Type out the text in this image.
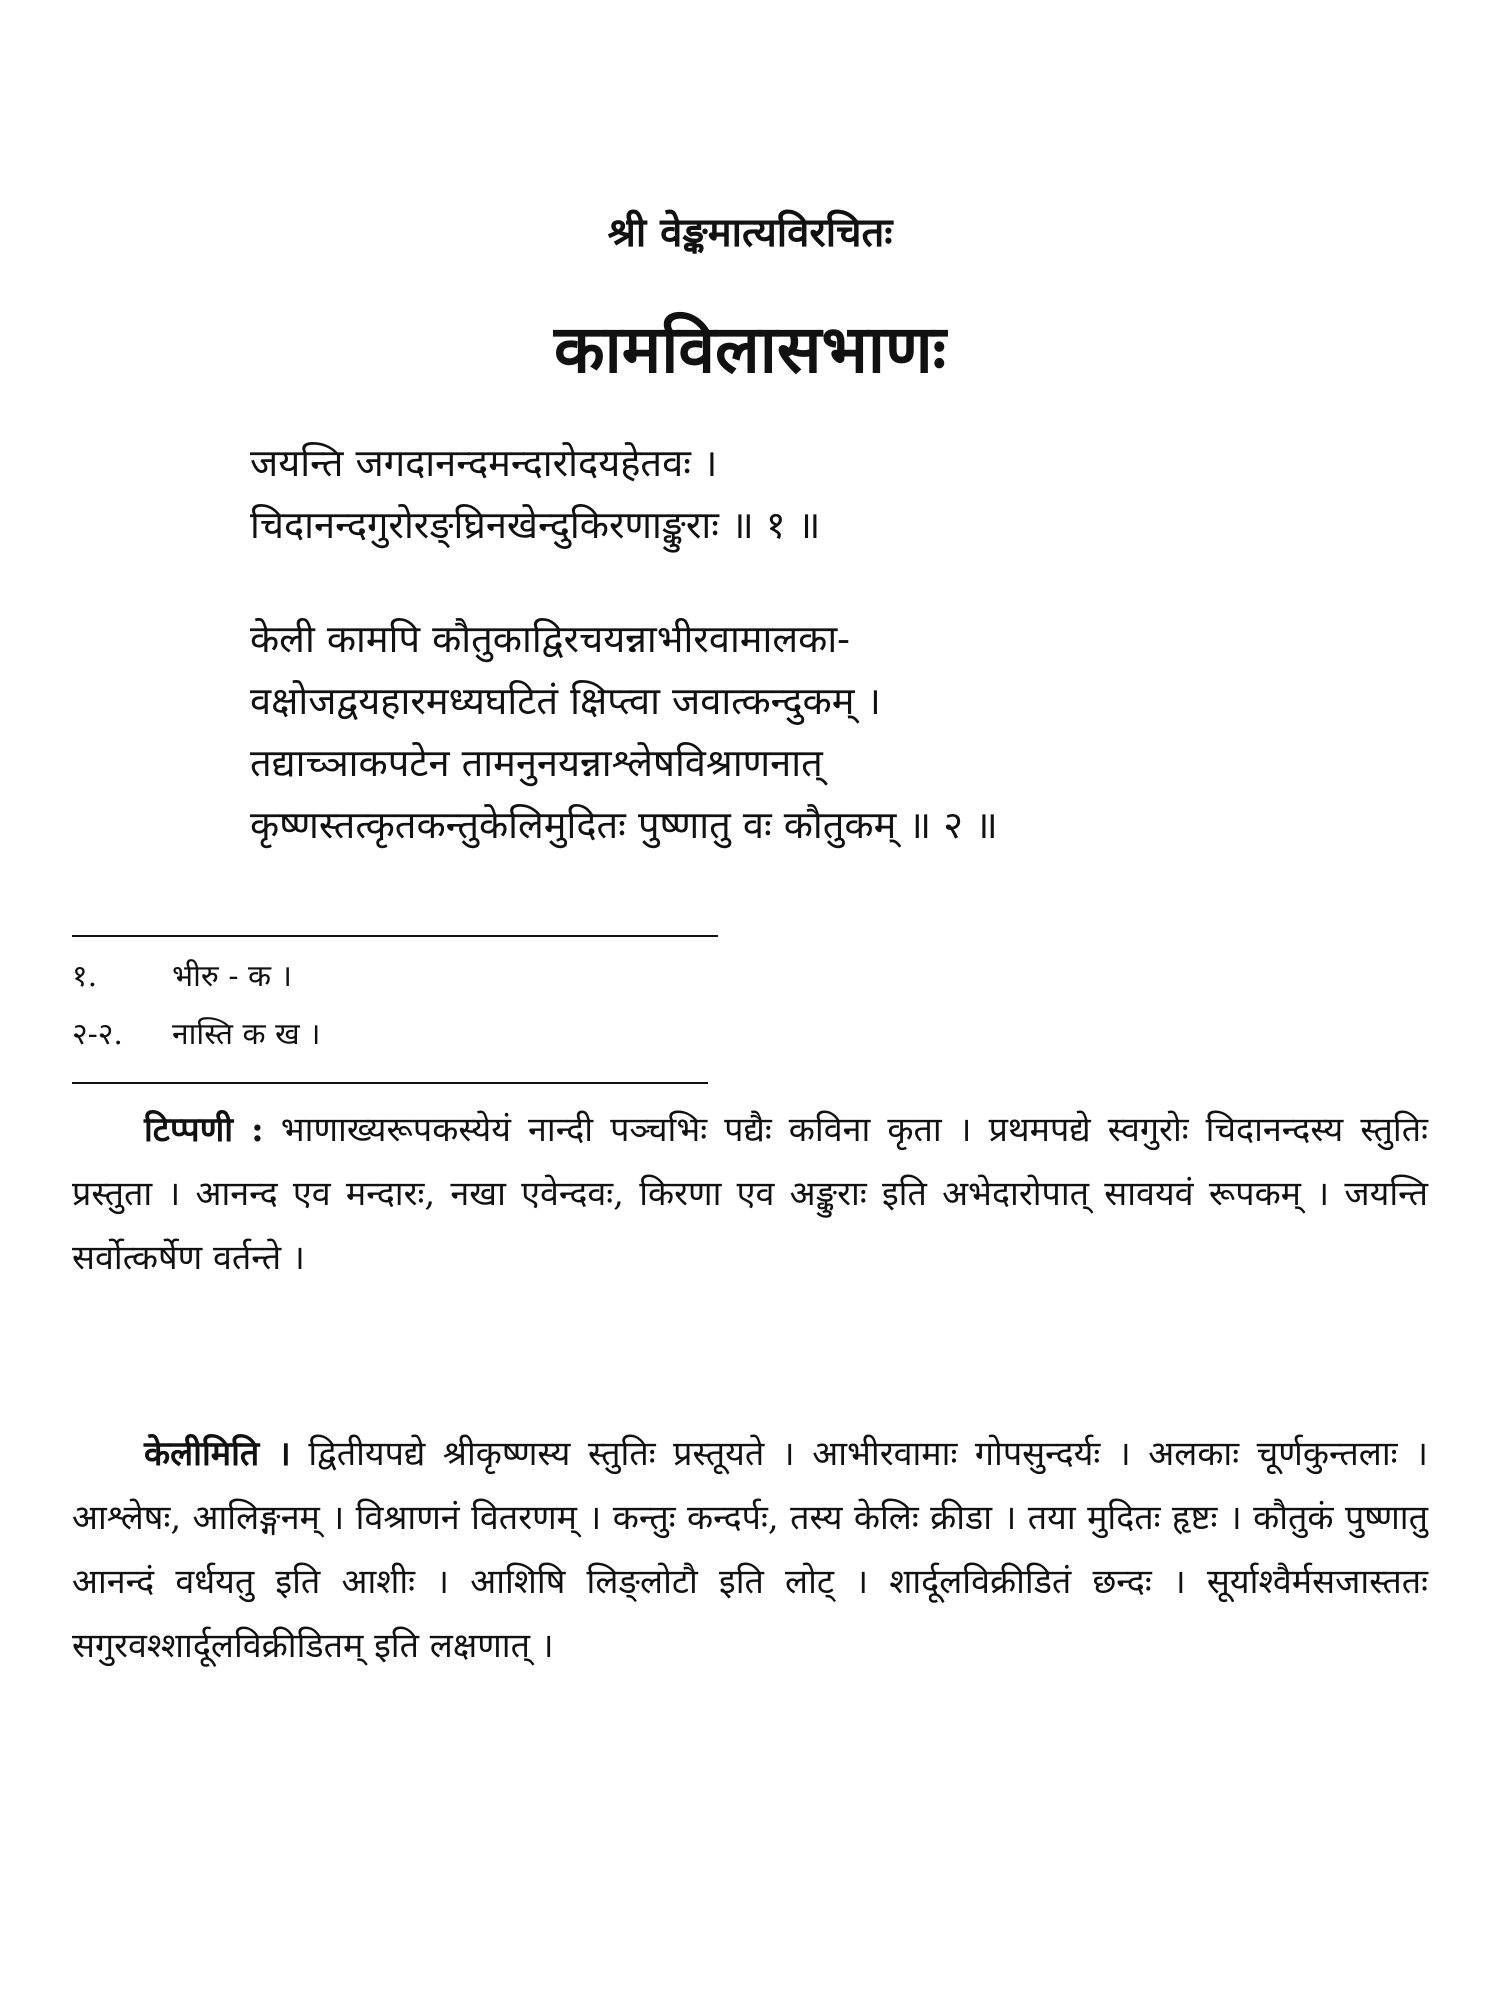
श्री वेङ्कमात्यविरचितः
कामविलासभाणः
जयन्ति जगदानन्दमन्दारोदयहेतवः ।
चिदानन्दगुरोरङ्घ्रिनखेन्दुकिरणाङ्कुराः ॥ १ ॥
केली कामपि कौतुकाद्विरचयन्नाभीरवामालका-
वक्षोजद्वयहारमध्यघटितं क्षिप्त्वा जवात्कन्दुकम् ।
तद्याच्ञाकपटेन तामनुनयन्नाश्लेषविश्राणनात्
कृष्णस्तत्कृतकन्तुकेलिमुदितः पुष्णातु वः कौतुकम् ॥ २ ॥
१. भीरु - क ।
२-२. नास्ति क ख ।

टिप्पणी : भाणाख्यरूपकस्येयं नान्दी पञ्चभिः पद्यैः कविना कृता । प्रथमपद्ये स्वगुरोः चिदानन्दस्य स्तुतिः प्रस्तुता । आनन्द एव मन्दारः, नखा एवेन्दवः, किरणा एव अङ्कुराः इति अभेदारोपात् सावयवं रूपकम् । जयन्ति सर्वोत्कर्षेण वर्तन्ते ।

केलीमिति । द्वितीयपद्ये श्रीकृष्णस्य स्तुतिः प्रस्तूयते । आभीरवामाः गोपसुन्दर्यः । अलकाः चूर्णकुन्तलाः । आश्लेषः, आलिङ्गनम् । विश्राणनं वितरणम् । कन्तुः कन्दर्पः, तस्य केलिः क्रीडा । तया मुदितः हृष्टः । कौतुकं पुष्णातु आनन्दं वर्धयतु इति आशीः । आशिषि लिङ्लोटौ इति लोट् । शार्दूलविक्रीडितं छन्दः । सूर्याश्वैर्मसजास्ततः सगुरवश्शार्दूलविक्रीडितम् इति लक्षणात् ।
